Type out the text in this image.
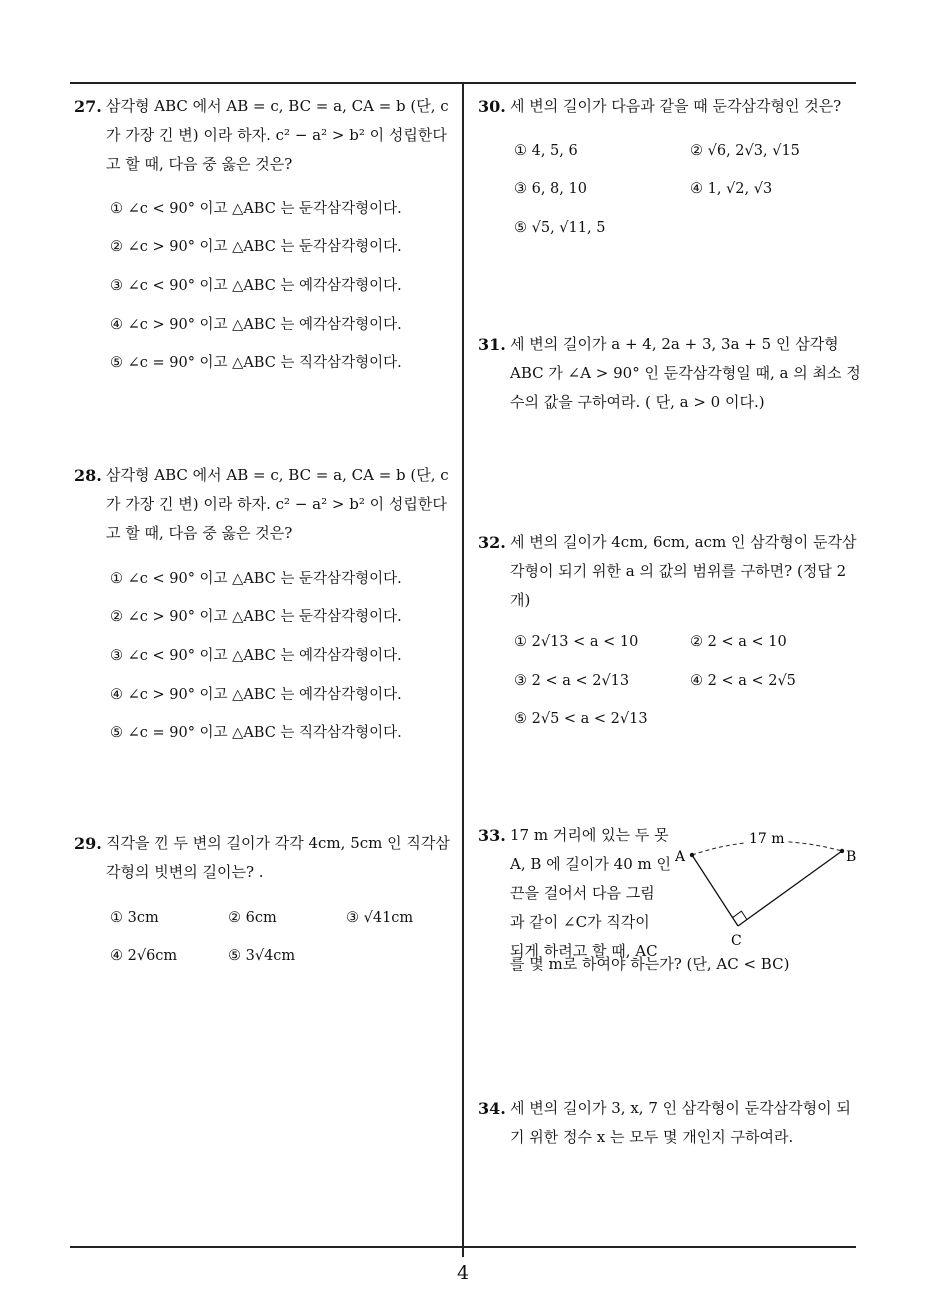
27. 삼각형 ABC 에서 AB = c, BC = a, CA = b (단, c 가 가장 긴 변) 이라 하자. c² − a² > b² 이 성립한다고 할 때, 다음 중 옳은 것은?
① ∠c < 90° 이고 △ABC 는 둔각삼각형이다.
② ∠c > 90° 이고 △ABC 는 둔각삼각형이다.
③ ∠c < 90° 이고 △ABC 는 예각삼각형이다.
④ ∠c > 90° 이고 △ABC 는 예각삼각형이다.
⑤ ∠c = 90° 이고 △ABC 는 직각삼각형이다.
28. 삼각형 ABC 에서 AB = c, BC = a, CA = b (단, c 가 가장 긴 변) 이라 하자. c² − a² > b² 이 성립한다고 할 때, 다음 중 옳은 것은?
① ∠c < 90° 이고 △ABC 는 둔각삼각형이다.
② ∠c > 90° 이고 △ABC 는 둔각삼각형이다.
③ ∠c < 90° 이고 △ABC 는 예각삼각형이다.
④ ∠c > 90° 이고 △ABC 는 예각삼각형이다.
⑤ ∠c = 90° 이고 △ABC 는 직각삼각형이다.
29. 직각을 낀 두 변의 길이가 각각 4cm, 5cm 인 직각삼각형의 빗변의 길이는? .
① 3cm	② 6cm	③ √41cm
④ 2√6cm	⑤ 3√4cm
30. 세 변의 길이가 다음과 같을 때 둔각삼각형인 것은?
① 4, 5, 6	② √6, 2√3, √15
③ 6, 8, 10	④ 1, √2, √3
⑤ √5, √11, 5
31. 세 변의 길이가 a + 4, 2a + 3, 3a + 5 인 삼각형 ABC 가 ∠A > 90° 인 둔각삼각형일 때, a 의 최소 정수의 값을 구하여라. ( 단, a > 0 이다.)
32. 세 변의 길이가 4cm, 6cm, acm 인 삼각형이 둔각삼각형이 되기 위한 a 의 값의 범위를 구하면? (정답 2 개)
① 2√13 < a < 10	② 2 < a < 10
③ 2 < a < 2√13	④ 2 < a < 2√5
⑤ 2√5 < a < 2√13
33. 17 m 거리에 있는 두 못
A, B 에 길이가 40 m 인
끈을 걸어서 다음 그림
과 같이 ∠C가 직각이
되게 하려고 할 때, AC
를 몇 m로 하여야 하는가? (단, AC < BC)
17 m
A	B
C
34. 세 변의 길이가 3, x, 7 인 삼각형이 둔각삼각형이 되기 위한 정수 x 는 모두 몇 개인지 구하여라.
4
